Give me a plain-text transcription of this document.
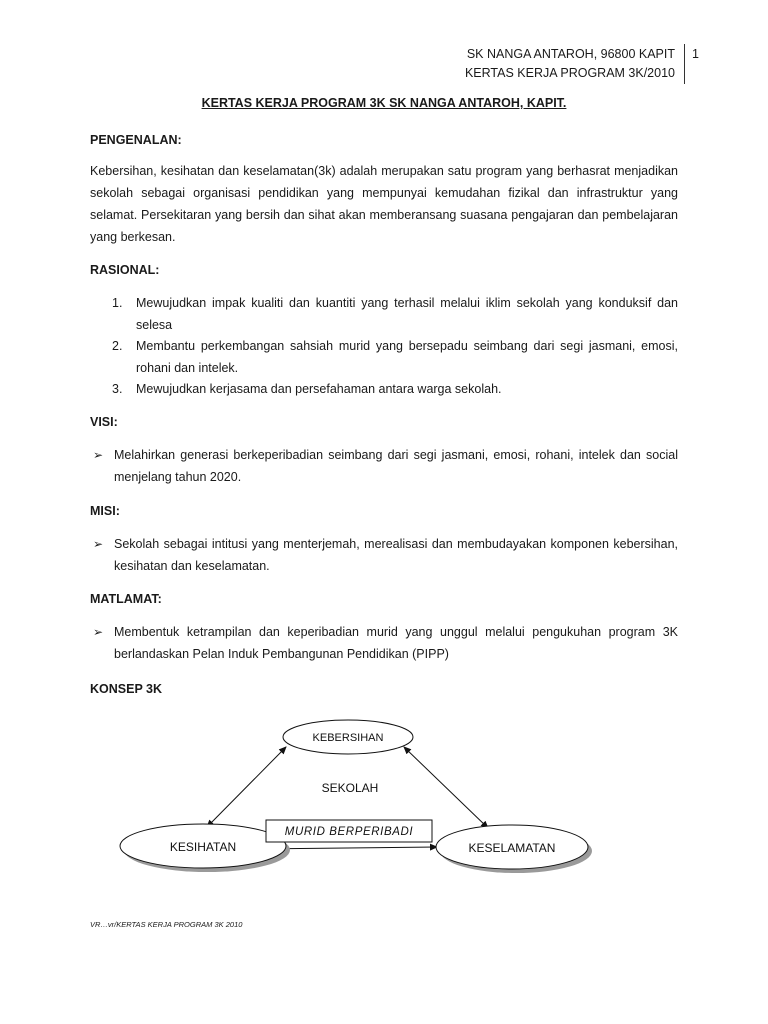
SK NANGA ANTAROH, 96800 KAPIT
KERTAS KERJA PROGRAM 3K/2010
1
KERTAS KERJA PROGRAM 3K SK NANGA ANTAROH, KAPIT.
PENGENALAN:
Kebersihan, kesihatan dan keselamatan(3k) adalah merupakan satu program yang berhasrat menjadikan sekolah sebagai organisasi pendidikan yang mempunyai kemudahan fizikal dan infrastruktur yang selamat. Persekitaran yang bersih dan sihat akan memberansang suasana pengajaran dan pembelajaran yang berkesan.
RASIONAL:
1. Mewujudkan impak kualiti dan kuantiti yang terhasil melalui iklim sekolah yang konduksif dan selesa
2. Membantu perkembangan sahsiah murid yang bersepadu seimbang dari segi jasmani, emosi, rohani dan intelek.
3. Mewujudkan kerjasama dan persefahaman antara warga sekolah.
VISI:
➢ Melahirkan generasi berkeperibadian seimbang dari segi jasmani, emosi, rohani, intelek dan social menjelang tahun 2020.
MISI:
➢ Sekolah sebagai intitusi yang menterjemah, merealisasi dan membudayakan komponen kebersihan, kesihatan dan keselamatan.
MATLAMAT:
➢ Membentuk ketrampilan dan keperibadian murid yang unggul melalui pengukuhan program 3K berlandaskan Pelan Induk Pembangunan Pendidikan (PIPP)
KONSEP 3K
KEBERSIHAN
KESIHATAN	KESELAMATAN
SEKOLAH
MURID BERPERIBADI
VR…vr/KERTAS KERJA PROGRAM 3K 2010
